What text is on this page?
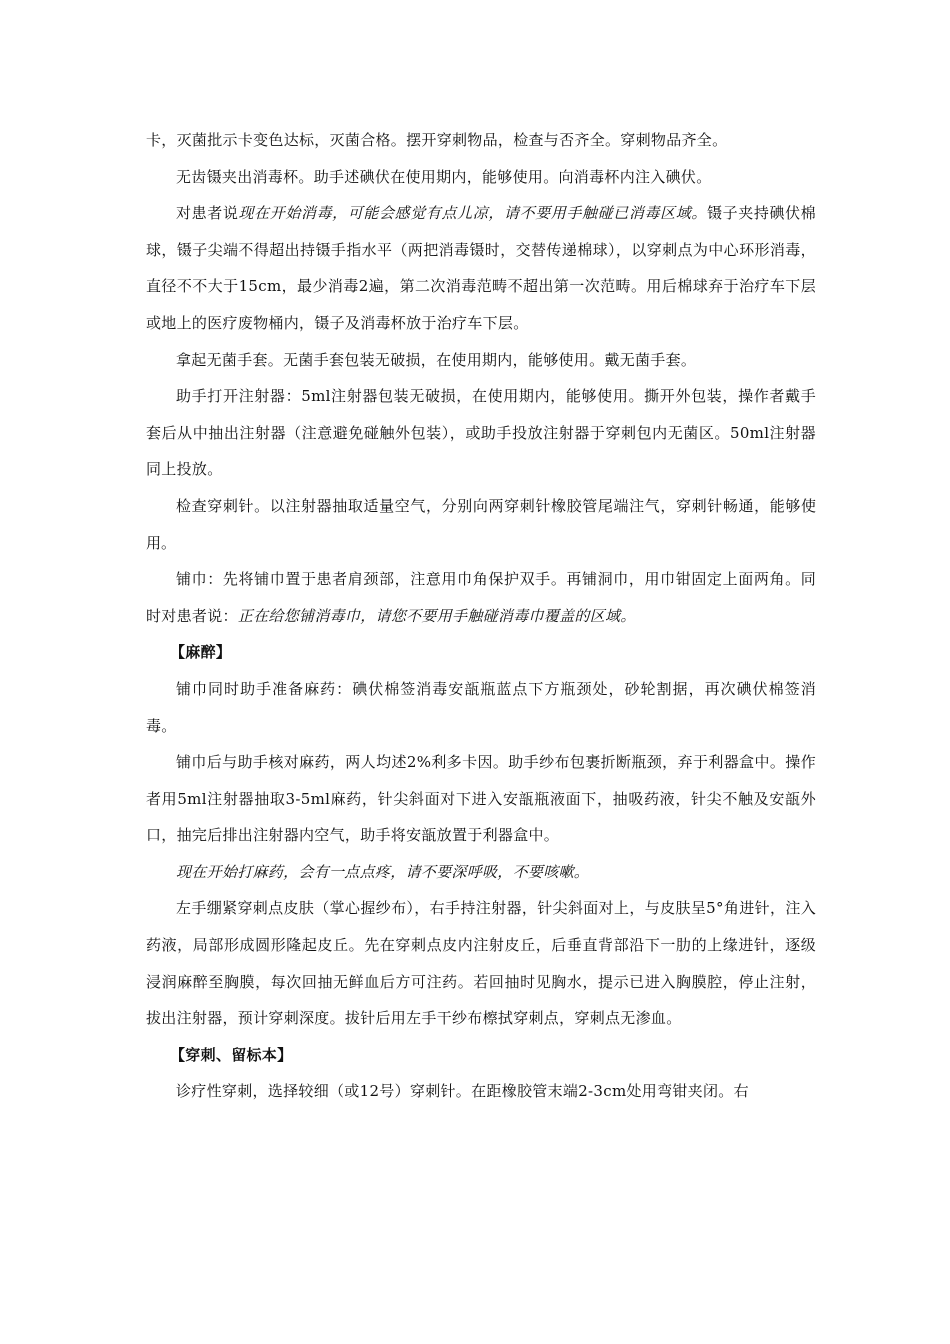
卡，灭菌批示卡变色达标，灭菌合格。摆开穿刺物品，检查与否齐全。穿刺物品齐全。

无齿镊夹出消毒杯。助手述碘伏在使用期内，能够使用。向消毒杯内注入碘伏。

对患者说现在开始消毒，可能会感觉有点儿凉，请不要用手触碰已消毒区域。镊子夹持碘伏棉球，镊子尖端不得超出持镊手指水平（两把消毒镊时，交替传递棉球），以穿刺点为中心环形消毒，直径不不大于15cm，最少消毒2遍，第二次消毒范畴不超出第一次范畴。用后棉球弃于治疗车下层或地上的医疗废物桶内，镊子及消毒杯放于治疗车下层。

拿起无菌手套。无菌手套包装无破损，在使用期内，能够使用。戴无菌手套。

助手打开注射器：5ml注射器包装无破损，在使用期内，能够使用。撕开外包装，操作者戴手套后从中抽出注射器（注意避免碰触外包装），或助手投放注射器于穿刺包内无菌区。50ml注射器同上投放。

检查穿刺针。以注射器抽取适量空气，分别向两穿刺针橡胶管尾端注气，穿刺针畅通，能够使用。

铺巾：先将铺巾置于患者肩颈部，注意用巾角保护双手。再铺洞巾，用巾钳固定上面两角。同时对患者说：正在给您铺消毒巾，请您不要用手触碰消毒巾覆盖的区域。

【麻醉】

铺巾同时助手准备麻药：碘伏棉签消毒安瓿瓶蓝点下方瓶颈处，砂轮割据，再次碘伏棉签消毒。

铺巾后与助手核对麻药，两人均述2%利多卡因。助手纱布包裹折断瓶颈，弃于利器盒中。操作者用5ml注射器抽取3-5ml麻药，针尖斜面对下进入安瓿瓶液面下，抽吸药液，针尖不触及安瓿外口，抽完后排出注射器内空气，助手将安瓿放置于利器盒中。

现在开始打麻药，会有一点点疼，请不要深呼吸，不要咳嗽。

左手绷紧穿刺点皮肤（掌心握纱布），右手持注射器，针尖斜面对上，与皮肤呈5°角进针，注入药液，局部形成圆形隆起皮丘。先在穿刺点皮内注射皮丘，后垂直背部沿下一肋的上缘进针，逐级浸润麻醉至胸膜，每次回抽无鲜血后方可注药。若回抽时见胸水，提示已进入胸膜腔，停止注射，拔出注射器，预计穿刺深度。拔针后用左手干纱布檫拭穿刺点，穿刺点无渗血。

【穿刺、留标本】

诊疗性穿刺，选择较细（或12号）穿刺针。在距橡胶管末端2-3cm处用弯钳夹闭。右
